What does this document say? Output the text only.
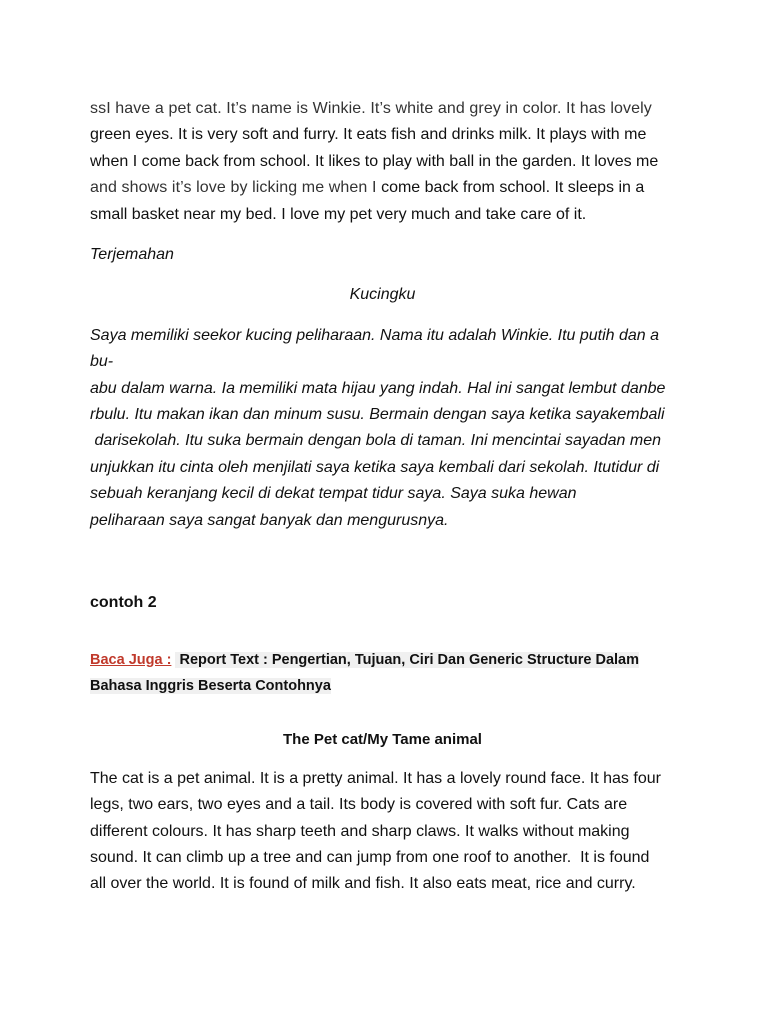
ssI have a pet cat. It’s name is Winkie. It’s white and grey in color. It has lovely
green eyes. It is very soft and furry. It eats fish and drinks milk. It plays with me
when I come back from school. It likes to play with ball in the garden. It loves me
and shows it’s love by licking me when I come back from school. It sleeps in a
small basket near my bed. I love my pet very much and take care of it.
Terjemahan
Kucingku
Saya memiliki seekor kucing peliharaan. Nama itu adalah Winkie. Itu putih dan a
bu-
abu dalam warna. Ia memiliki mata hijau yang indah. Hal ini sangat lembut danbe
rbulu. Itu makan ikan dan minum susu. Bermain dengan saya ketika sayakembali
darisekolah. Itu suka bermain dengan bola di taman. Ini mencintai sayadan men
unjukkan itu cinta oleh menjilati saya ketika saya kembali dari sekolah. Itutidur di
sebuah keranjang kecil di dekat tempat tidur saya. Saya suka hewan
peliharaan saya sangat banyak dan mengurusnya.
contoh 2
Baca Juga : Report Text : Pengertian, Tujuan, Ciri Dan Generic Structure Dalam
Bahasa Inggris Beserta Contohnya
The Pet cat/My Tame animal
The cat is a pet animal. It is a pretty animal. It has a lovely round face. It has four
legs, two ears, two eyes and a tail. Its body is covered with soft fur. Cats are
different colours. It has sharp teeth and sharp claws. It walks without making
sound. It can climb up a tree and can jump from one roof to another.  It is found
all over the world. It is found of milk and fish. It also eats meat, rice and curry.
